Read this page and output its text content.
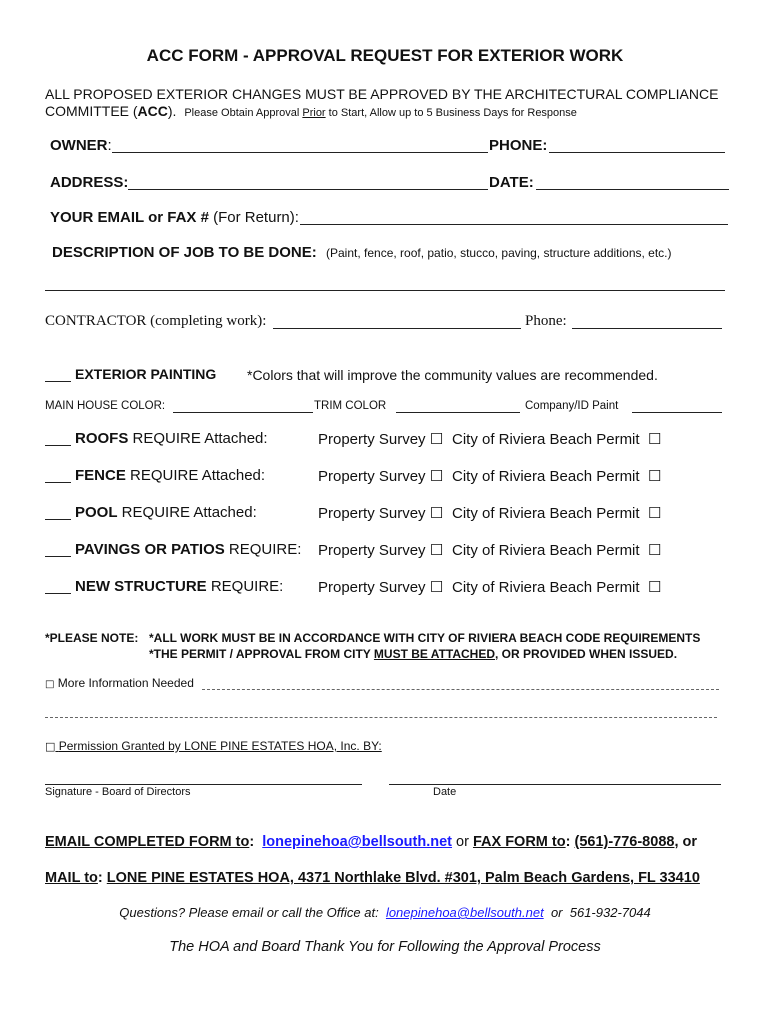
ACC FORM - APPROVAL REQUEST FOR EXTERIOR WORK
ALL PROPOSED EXTERIOR CHANGES MUST BE APPROVED BY THE ARCHITECTURAL COMPLIANCE
COMMITTEE (ACC). Please Obtain Approval Prior to Start, Allow up to 5 Business Days for Response
OWNER:	PHONE:
ADDRESS:	DATE:
YOUR EMAIL or FAX # (For Return):
DESCRIPTION OF JOB TO BE DONE: (Paint, fence, roof, patio, stucco, paving, structure additions, etc.)
CONTRACTOR (completing work):	Phone:
EXTERIOR PAINTING *Colors that will improve the community values are recommended.
MAIN HOUSE COLOR:	TRIM COLOR	Company/ID Paint
ROOFS REQUIRE Attached:	Property Survey ☐ City of Riviera Beach Permit ☐
FENCE REQUIRE Attached:	Property Survey ☐ City of Riviera Beach Permit ☐
POOL REQUIRE Attached:	Property Survey ☐ City of Riviera Beach Permit ☐
PAVINGS OR PATIOS REQUIRE: Property Survey ☐ City of Riviera Beach Permit ☐
NEW STRUCTURE REQUIRE: Property Survey ☐ City of Riviera Beach Permit ☐
*PLEASE NOTE: *ALL WORK MUST BE IN ACCORDANCE WITH CITY OF RIVIERA BEACH CODE REQUIREMENTS
*THE PERMIT / APPROVAL FROM CITY MUST BE ATTACHED, OR PROVIDED WHEN ISSUED.
□ More Information Needed
□ Permission Granted by LONE PINE ESTATES HOA, Inc. BY:
Signature - Board of Directors	Date
EMAIL COMPLETED FORM to: lonepinehoa@bellsouth.net or FAX FORM to: (561)-776-8088, or
MAIL to: LONE PINE ESTATES HOA, 4371 Northlake Blvd. #301, Palm Beach Gardens, FL 33410
Questions? Please email or call the Office at: lonepinehoa@bellsouth.net or 561-932-7044
The HOA and Board Thank You for Following the Approval Process
